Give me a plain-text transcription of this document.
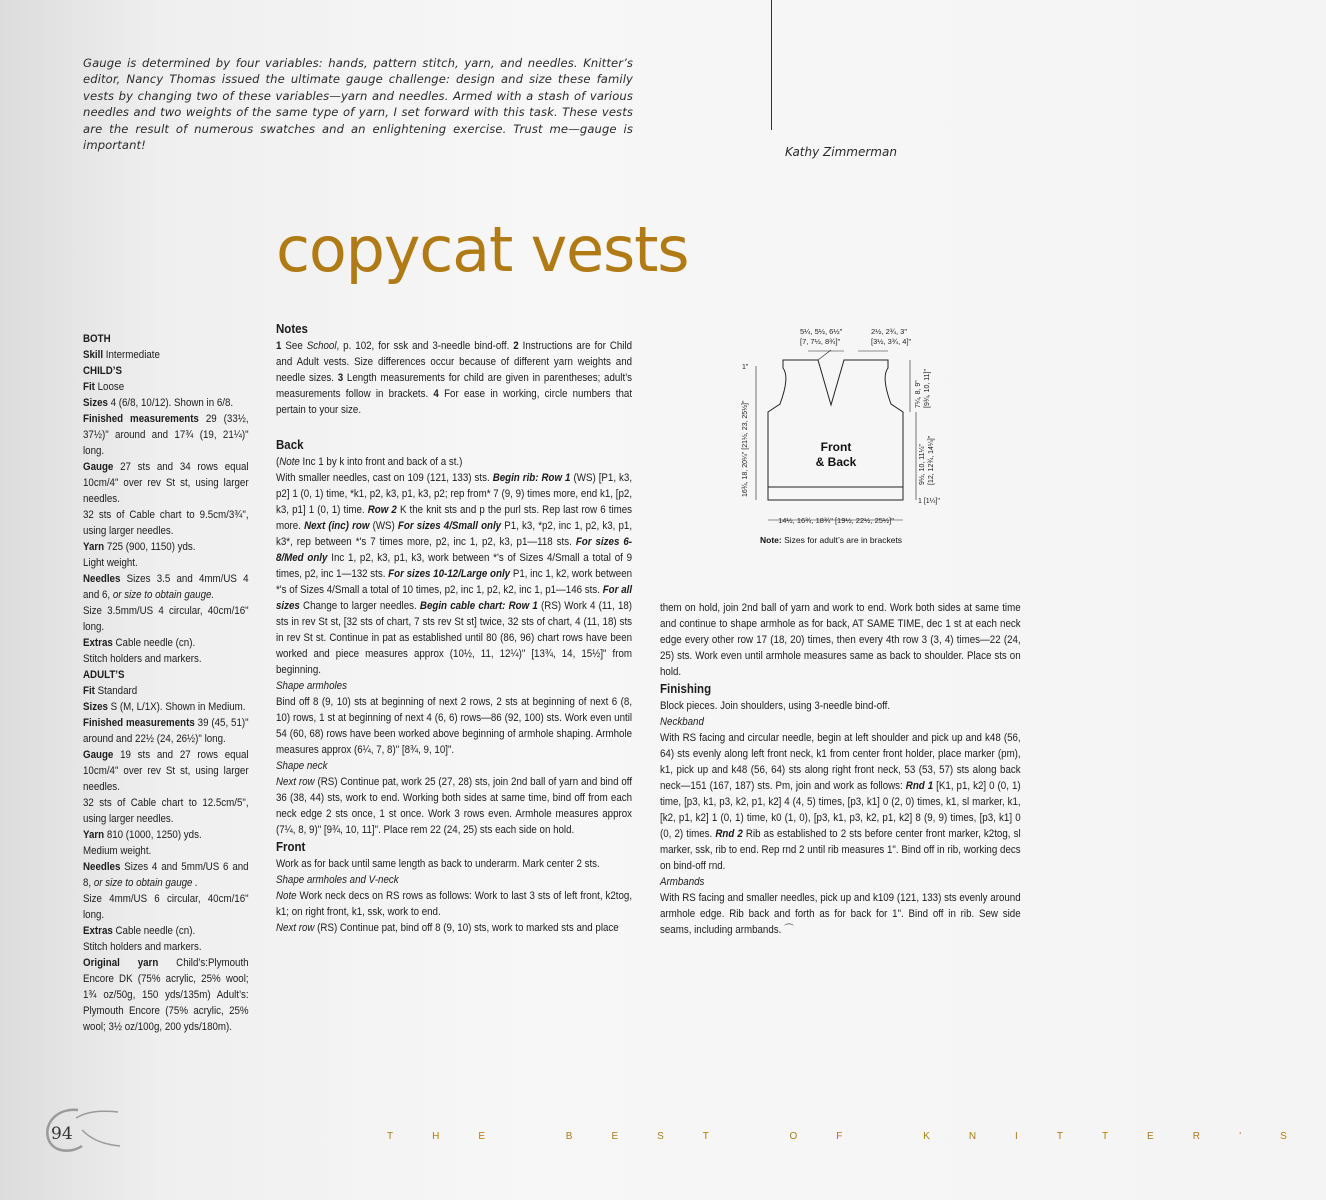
Gauge is determined by four variables: hands, pattern stitch, yarn, and needles. Knitter’s editor, Nancy Thomas issued the ultimate gauge challenge: design and size these family vests by changing two of these variables—yarn and needles. Armed with a stash of various needles and two weights of the same type of yarn, I set forward with this task. These vests are the result of numerous swatches and an enlightening exercise. Trust me—gauge is important!	Kathy Zimmerman
copycat vests

BOTH

Skill Intermediate

CHILD’S

Fit Loose

Sizes 4 (6/8, 10/12). Shown in 6/8.

Finished measurements 29 (33½, 37½)" around and 17¾ (19, 21¼)" long.

Gauge 27 sts and 34 rows equal 10cm/4" over rev St st, using larger needles.

32 sts of Cable chart to 9.5cm/3¾", using larger needles.

Yarn 725 (900, 1150) yds.

Light weight.

Needles Sizes 3.5 and 4mm/US 4 and 6, or size to obtain gauge.

Size 3.5mm/US 4 circular, 40cm/16" long.

Extras Cable needle (cn).

Stitch holders and markers.

ADULT’S

Fit Standard

Sizes S (M, L/1X). Shown in Medium.

Finished measurements 39 (45, 51)" around and 22½ (24, 26½)" long.

Gauge 19 sts and 27 rows equal 10cm/4" over rev St st, using larger needles.

32 sts of Cable chart to 12.5cm/5", using larger needles.

Yarn 810 (1000, 1250) yds.

Medium weight.

Needles Sizes 4 and 5mm/US 6 and 8, or size to obtain gauge .

Size 4mm/US 6 circular, 40cm/16" long.

Extras Cable needle (cn).

Stitch holders and markers.

Original yarn Child’s:Plymouth Encore DK (75% acrylic, 25% wool; 1¾ oz/50g, 150 yds/135m) Adult’s: Plymouth Encore (75% acrylic, 25% wool; 3½ oz/100g, 200 yds/180m).

Notes

1 See School, p. 102, for ssk and 3-needle bind-off. 2 Instructions are for Child and Adult vests. Size differences occur because of different yarn weights and needle sizes. 3 Length measurements for child are given in parentheses; adult’s measurements follow in brackets. 4 For ease in working, circle numbers that pertain to your size.

Back

(Note Inc 1 by k into front and back of a st.)

With smaller needles, cast on 109 (121, 133) sts. Begin rib: Row 1 (WS) [P1, k3, p2] 1 (0, 1) time, *k1, p2, k3, p1, k3, p2; rep from* 7 (9, 9) times more, end k1, [p2, k3, p1] 1 (0, 1) time. Row 2 K the knit sts and p the purl sts. Rep last row 6 times more. Next (inc) row (WS) For sizes 4/Small only P1, k3, *p2, inc 1, p2, k3, p1, k3*, rep between *'s 7 times more, p2, inc 1, p2, k3, p1—118 sts. For sizes 6-8/Med only Inc 1, p2, k3, p1, k3, work between *'s of Sizes 4/Small a total of 9 times, p2, inc 1—132 sts. For sizes 10-12/Large only P1, inc 1, k2, work between *'s of Sizes 4/Small a total of 10 times, p2, inc 1, p2, k2, inc 1, p1—146 sts. For all sizes Change to larger needles. Begin cable chart: Row 1 (RS) Work 4 (11, 18) sts in rev St st, [32 sts of chart, 7 sts rev St st] twice, 32 sts of chart, 4 (11, 18) sts in rev St st. Continue in pat as established until 80 (86, 96) chart rows have been worked and piece measures approx (10½, 11, 12¼)" [13¾, 14, 15½]" from beginning.

Shape armholes

Bind off 8 (9, 10) sts at beginning of next 2 rows, 2 sts at beginning of next 6 (8, 10) rows, 1 st at beginning of next 4 (6, 6) rows—86 (92, 100) sts. Work even until 54 (60, 68) rows have been worked above beginning of armhole shaping. Armhole measures approx (6¼, 7, 8)" [8¾, 9, 10]".

Shape neck

Next row (RS) Continue pat, work 25 (27, 28) sts, join 2nd ball of yarn and bind off 36 (38, 44) sts, work to end. Working both sides at same time, bind off from each neck edge 2 sts once, 1 st once. Work 3 rows even. Armhole measures approx (7¼, 8, 9)" [9¾, 10, 11]". Place rem 22 (24, 25) sts each side on hold.

Front

Work as for back until same length as back to underarm. Mark center 2 sts.

Shape armholes and V-neck

Note Work neck decs on RS rows as follows: Work to last 3 sts of left front, k2tog, k1; on right front, k1, ssk, work to end.

Next row (RS) Continue pat, bind off 8 (9, 10) sts, work to marked sts and place

5¼, 5½, 6½"
[7, 7½, 8¾]"
2½, 2¾, 3"
[3½, 3¾, 4]"
1"
Front
& Back
16¾, 18, 20¼" [21½, 23, 25½]"
7¼, 8, 9" [9¾, 10, 11]"
9½, 10, 11¼" [12, 12¾, 14¼]"
1 [1¼]"
14½, 16¾, 18¾" [19½, 22½, 25½]"
Note: Sizes for adult’s are in brackets

them on hold, join 2nd ball of yarn and work to end. Work both sides at same time and continue to shape armhole as for back, AT SAME TIME, dec 1 st at each neck edge every other row 17 (18, 20) times, then every 4th row 3 (3, 4) times—22 (24, 25) sts. Work even until armhole measures same as back to shoulder. Place sts on hold.

Finishing

Block pieces. Join shoulders, using 3-needle bind-off.

Neckband

With RS facing and circular needle, begin at left shoulder and pick up and k48 (56, 64) sts evenly along left front neck, k1 from center front holder, place marker (pm), k1, pick up and k48 (56, 64) sts along right front neck, 53 (53, 57) sts along back neck—151 (167, 187) sts. Pm, join and work as follows: Rnd 1 [K1, p1, k2] 0 (0, 1) time, [p3, k1, p3, k2, p1, k2] 4 (4, 5) times, [p3, k1] 0 (2, 0) times, k1, sl marker, k1, [k2, p1, k2] 1 (0, 1) time, k0 (1, 0), [p3, k1, p3, k2, p1, k2] 8 (9, 9) times, [p3, k1] 0 (0, 2) times. Rnd 2 Rib as established to 2 sts before center front marker, k2tog, sl marker, ssk, rib to end. Rep rnd 2 until rib measures 1". Bind off in rib, working decs on bind-off rnd.

Armbands

With RS facing and smaller needles, pick up and k109 (121, 133) sts evenly around armhole edge. Rib back and forth as for back for 1". Bind off in rib. Sew side seams, including armbands. ⌒

94	THE BEST OF KNITTER’S
